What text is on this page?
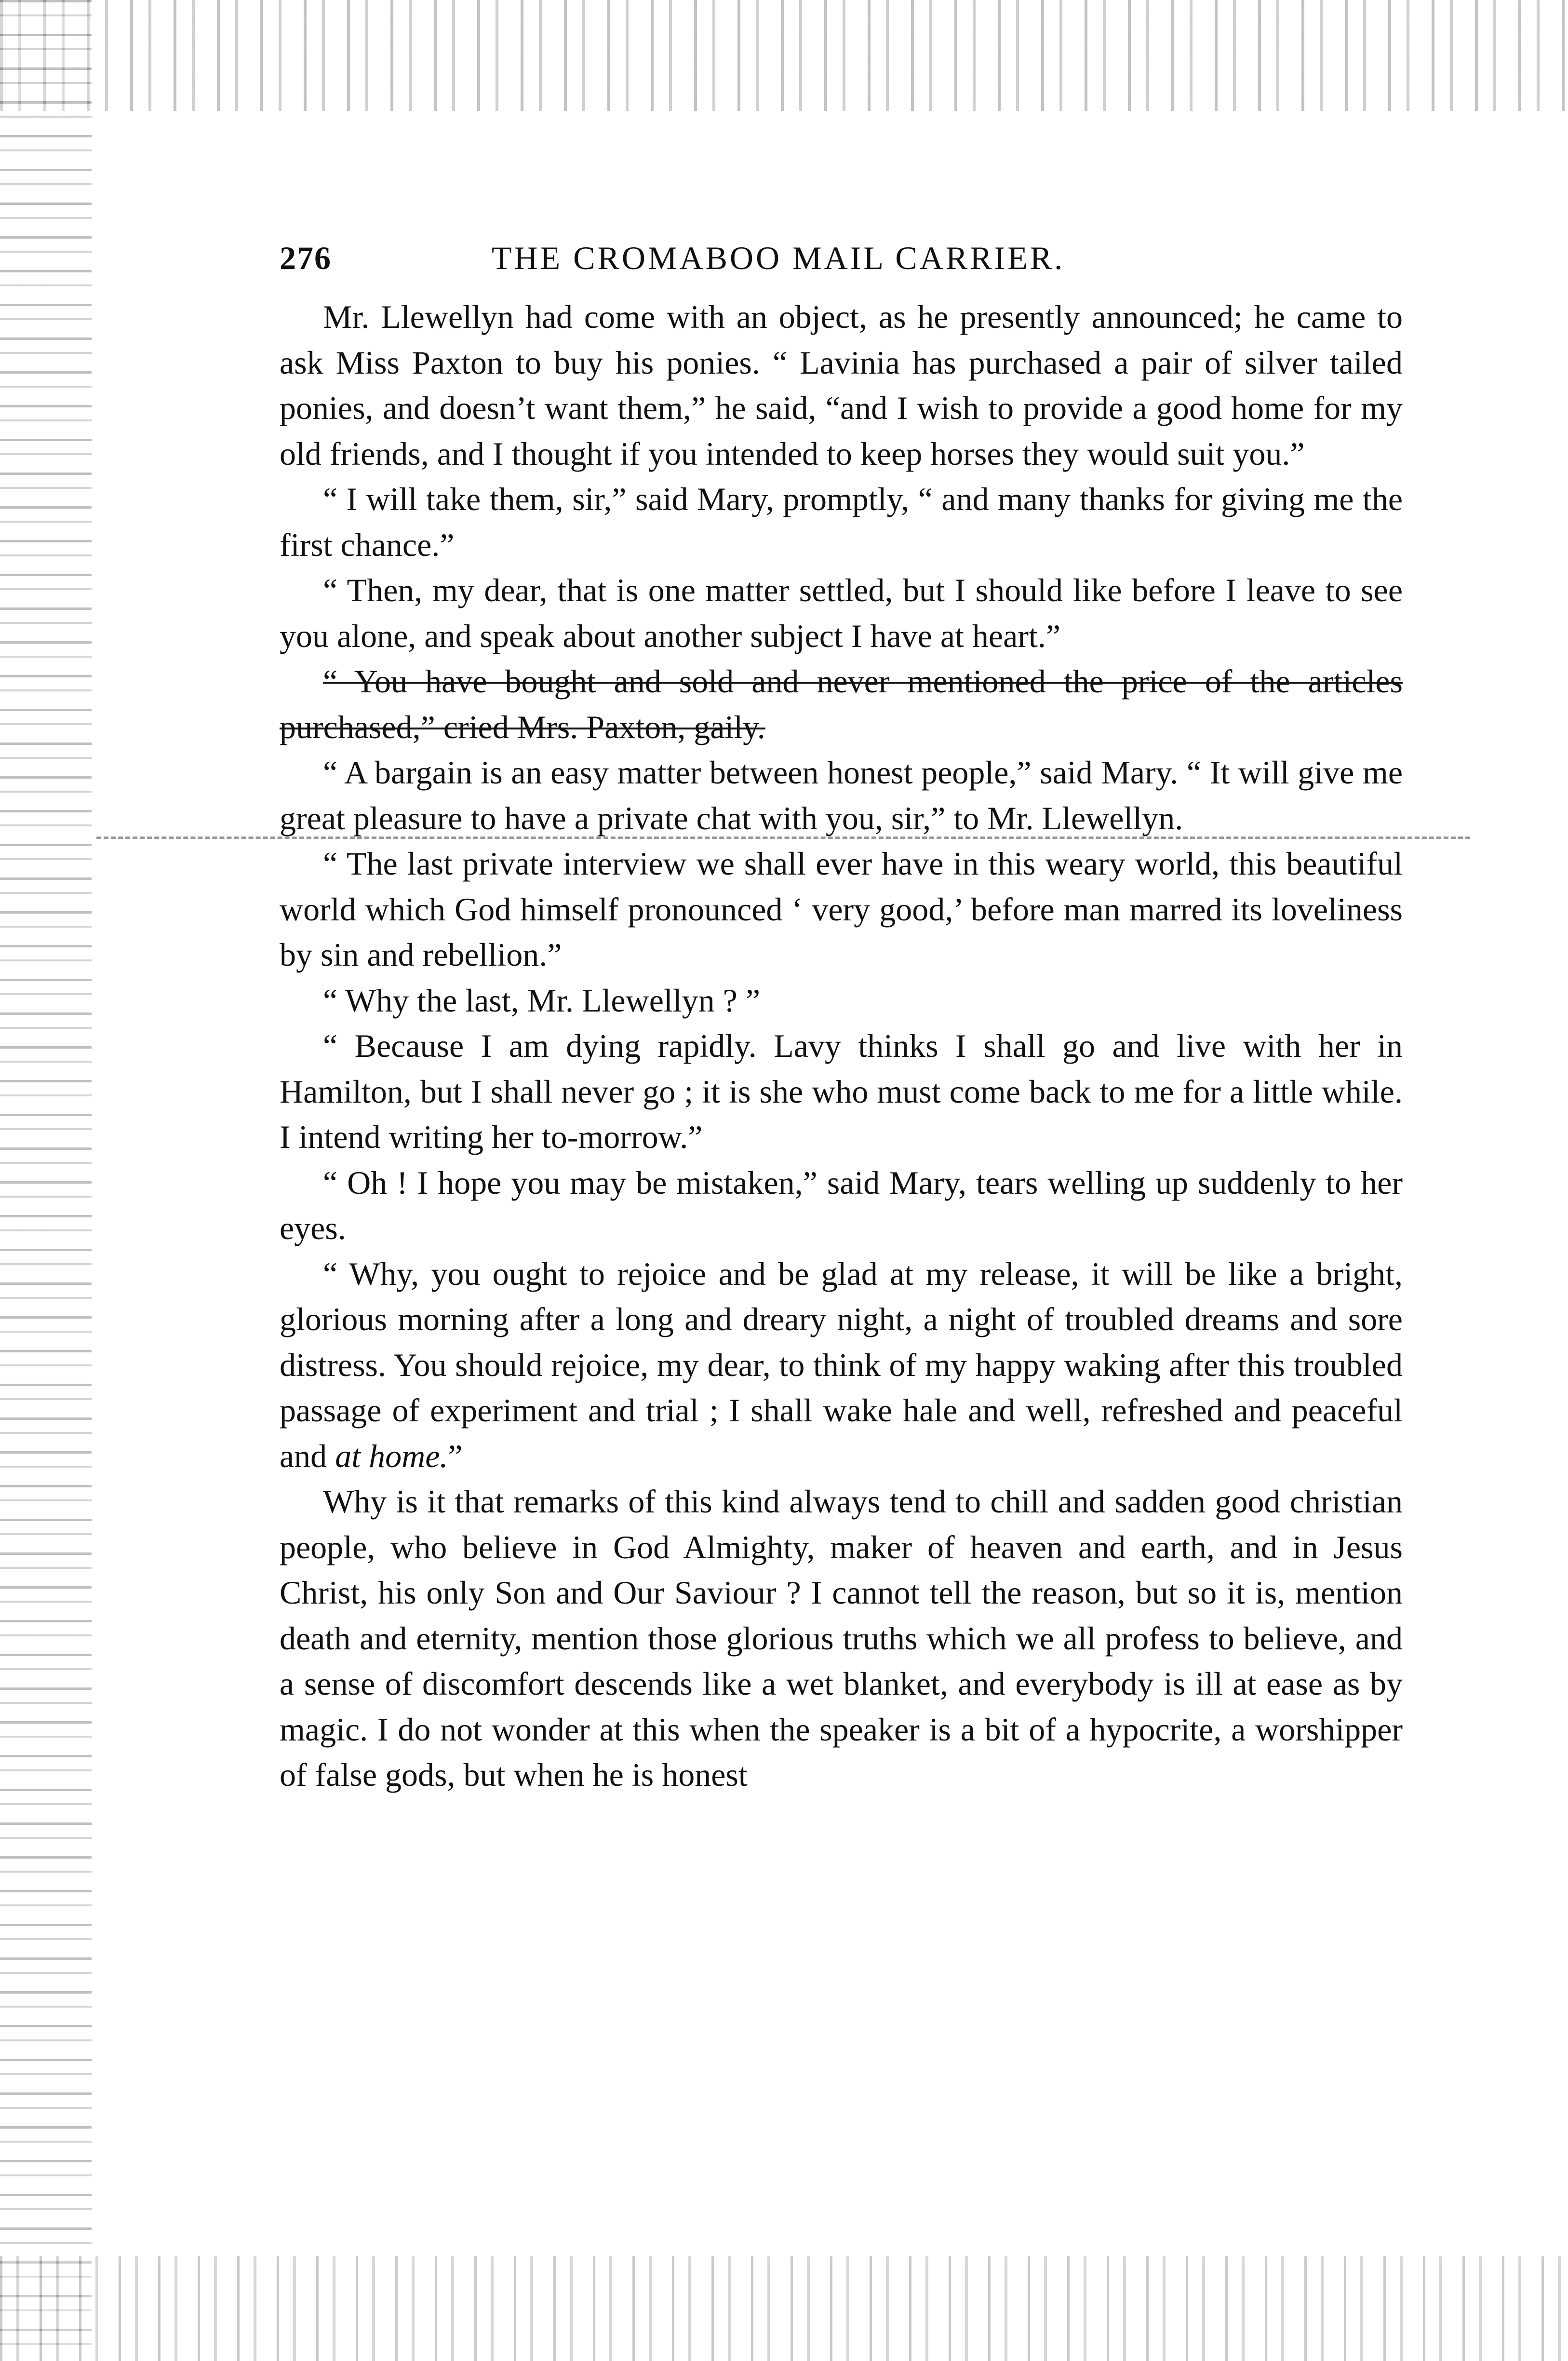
276	THE CROMABOO MAIL CARRIER.

Mr. Llewellyn had come with an object, as he presently announced; he came to ask Miss Paxton to buy his ponies. “ Lavinia has purchased a pair of silver tailed ponies, and doesn’t want them,” he said, “and I wish to provide a good home for my old friends, and I thought if you intended to keep horses they would suit you.”

“ I will take them, sir,” said Mary, promptly, “ and many thanks for giving me the first chance.”

“ Then, my dear, that is one matter settled, but I should like before I leave to see you alone, and speak about another subject I have at heart.”

“ You have bought and sold and never mentioned the price of the articles purchased,” cried Mrs. Paxton, gaily.

“ A bargain is an easy matter between honest people,” said Mary. “ It will give me great pleasure to have a private chat with you, sir,” to Mr. Llewellyn.

“ The last private interview we shall ever have in this weary world, this beautiful world which God himself pronounced ‘ very good,’ before man marred its loveliness by sin and rebellion.”

“ Why the last, Mr. Llewellyn ? ”

“ Because I am dying rapidly. Lavy thinks I shall go and live with her in Hamilton, but I shall never go ; it is she who must come back to me for a little while. I intend writing her to-morrow.”

“ Oh ! I hope you may be mistaken,” said Mary, tears welling up suddenly to her eyes.

“ Why, you ought to rejoice and be glad at my release, it will be like a bright, glorious morning after a long and dreary night, a night of troubled dreams and sore distress. You should rejoice, my dear, to think of my happy waking after this troubled passage of experiment and trial ; I shall wake hale and well, refreshed and peaceful and at home.”

Why is it that remarks of this kind always tend to chill and sadden good christian people, who believe in God Almighty, maker of heaven and earth, and in Jesus Christ, his only Son and Our Saviour ? I cannot tell the reason, but so it is, mention death and eternity, mention those glorious truths which we all profess to believe, and a sense of discomfort descends like a wet blanket, and everybody is ill at ease as by magic. I do not wonder at this when the speaker is a bit of a hypocrite, a worshipper of false gods, but when he is honest
